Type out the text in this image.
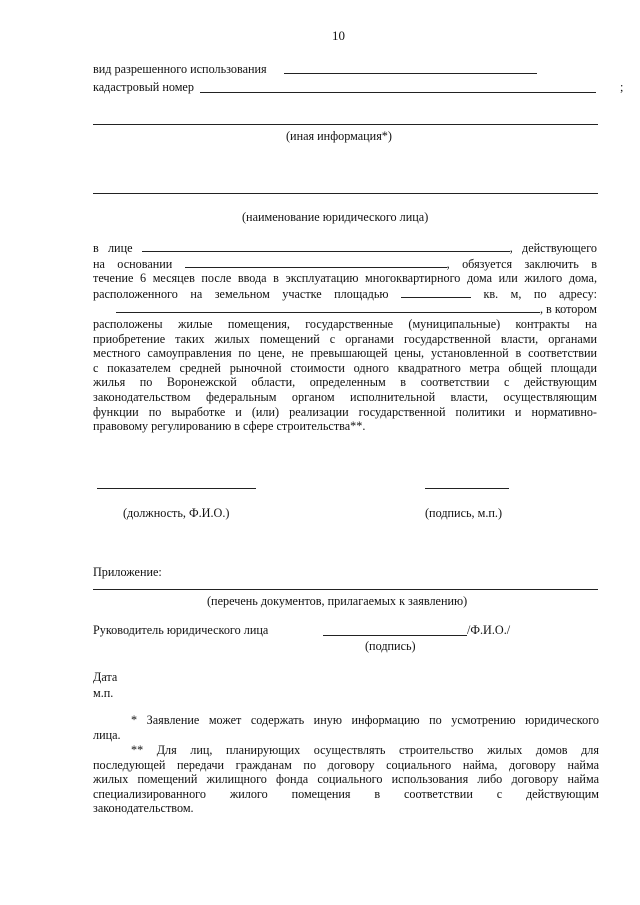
10
вид разрешенного использования
кадастровый номер	;
(иная информация*)
(наименование юридического лица)
в лице	, действующего
на основании	, обязуется заключить в
течение 6 месяцев после ввода в эксплуатацию многоквартирного дома или жилого дома,
расположенного на земельном участке площадью	кв. м, по адресу:
, в котором
расположены жилые помещения, государственные (муниципальные) контракты на
приобретение таких жилых помещений с органами государственной власти, органами
местного самоуправления по цене, не превышающей цены, установленной в соответствии
с показателем средней рыночной стоимости одного квадратного метра общей площади
жилья по Воронежской области, определенным в соответствии с действующим
законодательством федеральным органом исполнительной власти, осуществляющим
функции по выработке и (или) реализации государственной политики и нормативно-
правовому регулированию в сфере строительства**.
(должность, Ф.И.О.)	(подпись, м.п.)
Приложение:
(перечень документов, прилагаемых к заявлению)
Руководитель юридического лица	/Ф.И.О./
(подпись)
Дата
м.п.
* Заявление может содержать иную информацию по усмотрению юридического
лица.
** Для лиц, планирующих осуществлять строительство жилых домов для
последующей передачи гражданам по договору социального найма, договору найма
жилых помещений жилищного фонда социального использования либо договору найма
специализированного жилого помещения в соответствии с действующим
законодательством.
